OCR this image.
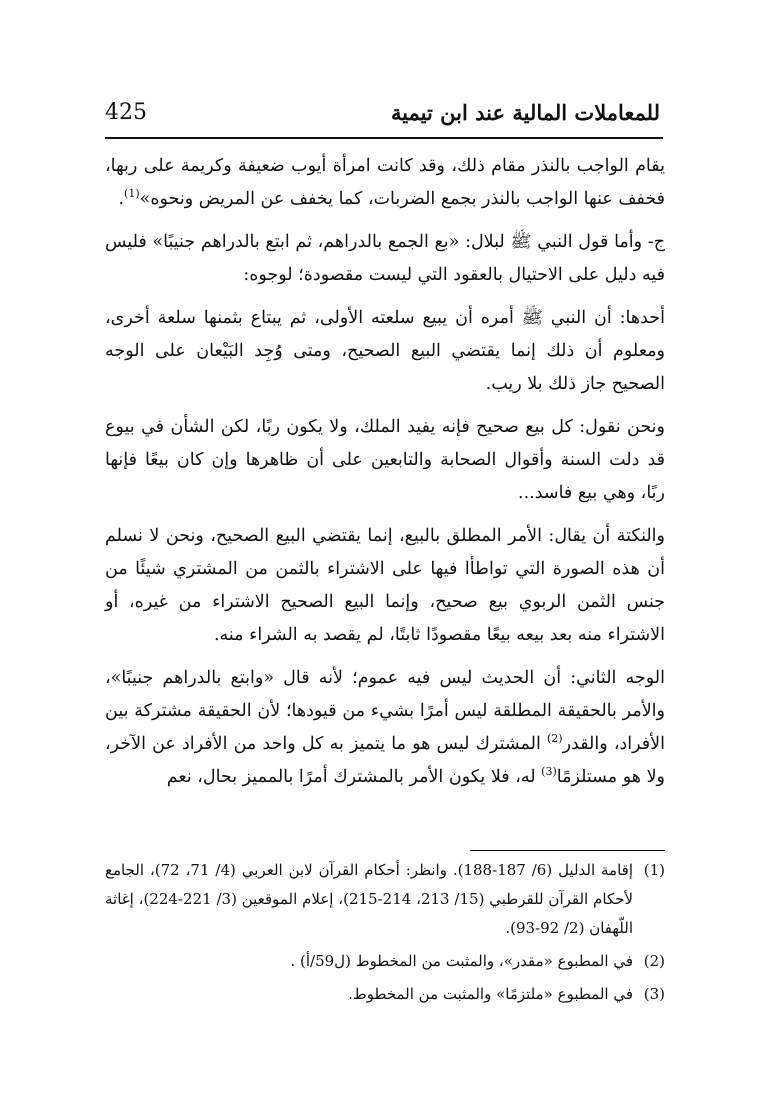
425	للمعاملات المالية عند ابن تيمية

يقام الواجب بالنذر مقام ذلك، وقد كانت امرأة أيوب ضعيفة وكريمة على ربها، فخفف عنها الواجب بالنذر بجمع الضربات، كما يخفف عن المريض ونحوه»$^{(1)}$.

ج- وأما قول النبي ﷺ لبلال: «بع الجمع بالدراهم، ثم ابتع بالدراهم جنيبًا» فليس فيه دليل على الاحتيال بالعقود التي ليست مقصودة؛ لوجوه:

أحدها: أن النبي ﷺ أمره أن يبيع سلعته الأولى، ثم يبتاع بثمنها سلعة أخرى، ومعلوم أن ذلك إنما يقتضي البيع الصحيح، ومتى وُجِد البَيْعان على الوجه الصحيح جاز ذلك بلا ريب.

ونحن نقول: كل بيع صحيح فإنه يفيد الملك، ولا يكون ربًا، لكن الشأن في بيوع قد دلت السنة وأقوال الصحابة والتابعين على أن ظاهرها وإن كان بيعًا فإنها ربًا، وهي بيع فاسد...

والنكتة أن يقال: الأمر المطلق بالبيع، إنما يقتضي البيع الصحيح، ونحن لا نسلم أن هذه الصورة التي تواطأا فيها على الاشتراء بالثمن من المشتري شيئًا من جنس الثمن الربوي بيع صحيح، وإنما البيع الصحيح الاشتراء من غيره، أو الاشتراء منه بعد بيعه بيعًا مقصودًا ثابتًا، لم يقصد به الشراء منه.

الوجه الثاني: أن الحديث ليس فيه عموم؛ لأنه قال «وابتع بالدراهم جنيبًا»، والأمر بالحقيقة المطلقة ليس أمرًا بشيء من قيودها؛ لأن الحقيقة مشتركة بين الأفراد، والقدر$^{(2)}$ المشترك ليس هو ما يتميز به كل واحد من الأفراد عن الآخر، ولا هو مستلزمًا$^{(3)}$ له، فلا يكون الأمر بالمشترك أمرًا بالمميز بحال، نعم

(1)
إقامة الدليل (6/ 187-188). وانظر: أحكام القرآن لابن العربي (4/ 71، 72)، الجامع لأحكام القرآن للقرطبي (15/ 213، 214-215)، إعلام الموقعين (3/ 221-224)، إغاثة اللّهفان (2/ 92-93).
(2)
في المطبوع «مقدر»، والمثبت من المخطوط (ل59/أ) .
(3)
في المطبوع «ملتزمًا» والمثبت من المخطوط.
